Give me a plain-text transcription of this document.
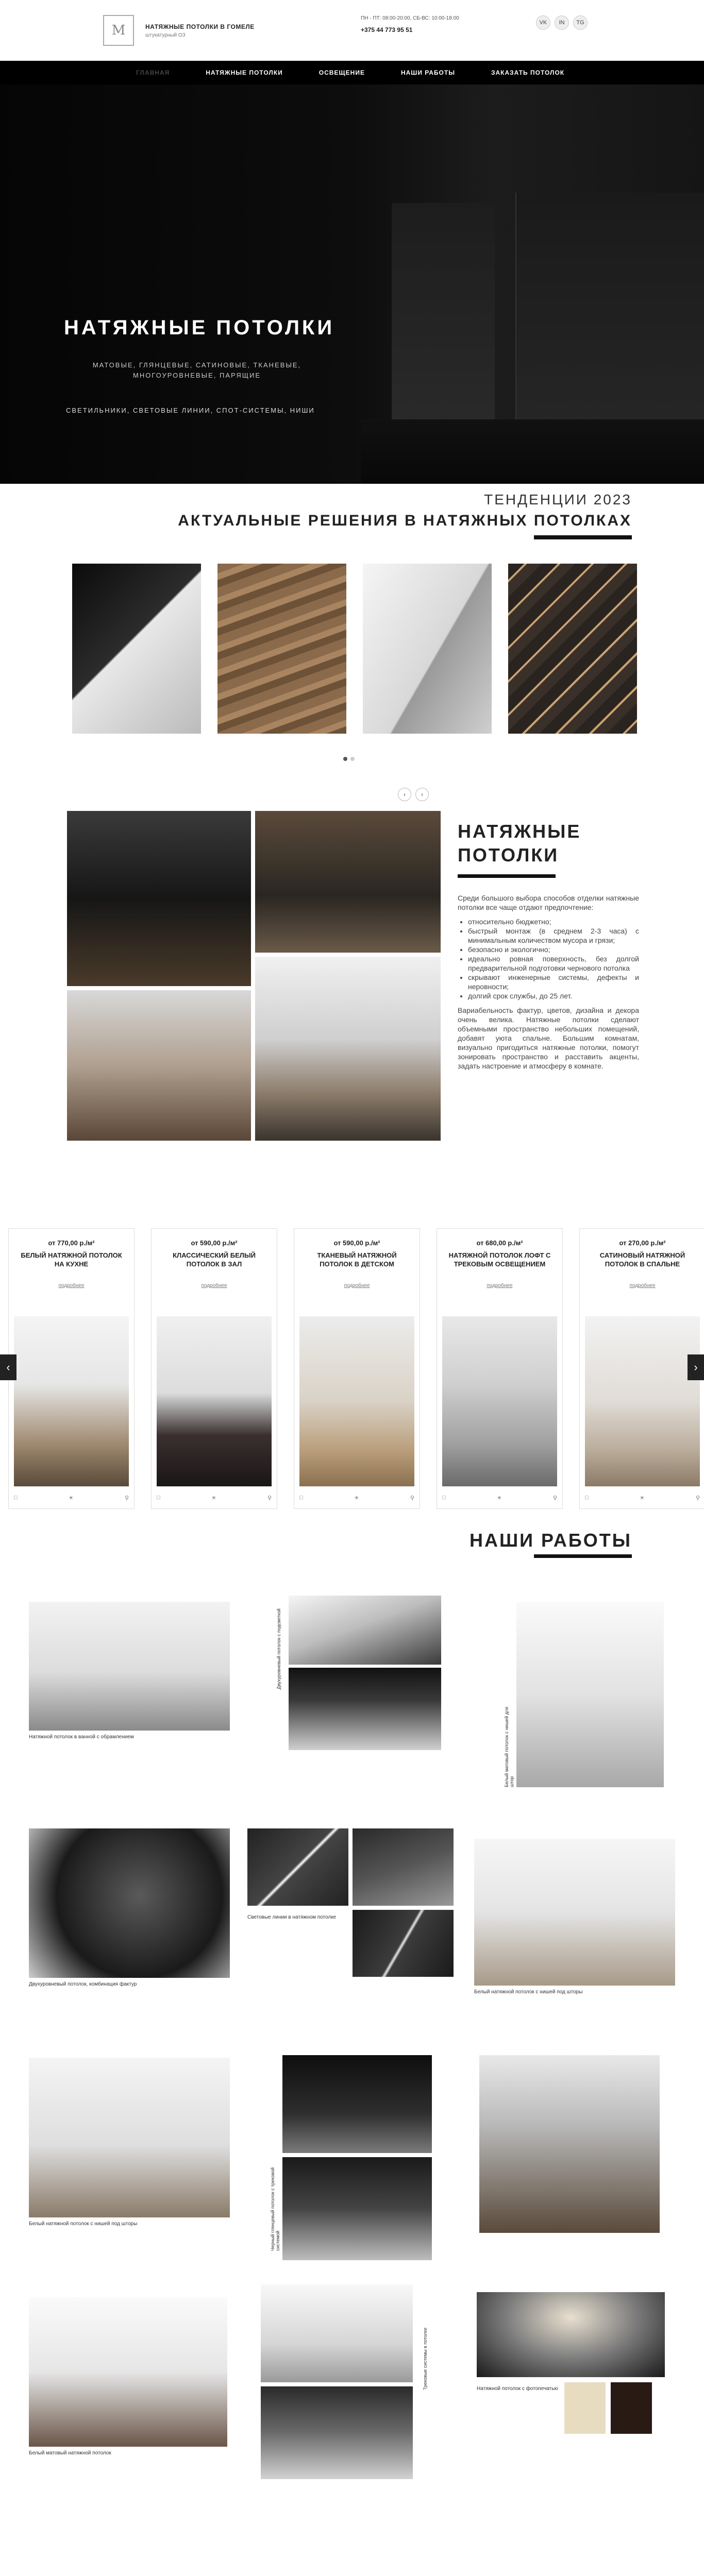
M	НАТЯЖНЫЕ ПОТОЛКИ В ГОМЕЛЕ
штукатурный ОЗ
ПН - ПТ: 08:00-20:00, СБ-ВС: 10:00-18:00
+375 44 773 95 51
VK	IN	TG
ГЛАВНАЯ	НАТЯЖНЫЕ ПОТОЛКИ	ОСВЕЩЕНИЕ	НАШИ РАБОТЫ	ЗАКАЗАТЬ ПОТОЛОК
НАТЯЖНЫЕ ПОТОЛКИ
МАТОВЫЕ, ГЛЯНЦЕВЫЕ, САТИНОВЫЕ, ТКАНЕВЫЕ, МНОГОУРОВНЕВЫЕ, ПАРЯЩИЕ
СВЕТИЛЬНИКИ, СВЕТОВЫЕ ЛИНИИ, СПОТ-СИСТЕМЫ, НИШИ
ТЕНДЕНЦИИ 2023
АКТУАЛЬНЫЕ РЕШЕНИЯ В НАТЯЖНЫХ ПОТОЛКАХ
‹	›
НАТЯЖНЫЕ
ПОТОЛКИ
Среди большого выбора способов отделки натяжные потолки все чаще отдают предпочтение:
• относительно бюджетно;
• быстрый монтаж (в среднем 2-3 часа) с минимальным количеством мусора и грязи;
• безопасно и экологично;
• идеально ровная поверхность, без долгой предварительной подготовки чернового потолка
• скрывают инженерные системы, дефекты и неровности;
• долгий срок службы, до 25 лет.

Вариабельность фактур, цветов, дизайна и декора очень велика. Натяжные потолки сделают объемными пространство небольших помещений, добавят уюта спальне. Большим комнатам, визуально пригодиться натяжные потолки, помогут зонировать пространство и расставить акценты, задать настроение и атмосферу в комнате.

от 770,00 р./м²
БЕЛЫЙ НАТЯЖНОЙ ПОТОЛОК НА КУХНЕ
подробнее
□	☀	⚲
от 590,00 р./м²
КЛАССИЧЕСКИЙ БЕЛЫЙ ПОТОЛОК В ЗАЛ
подробнее
□	☀	⚲
от 590,00 р./м²
ТКАНЕВЫЙ НАТЯЖНОЙ ПОТОЛОК В ДЕТСКОМ
подробнее
□	☀	⚲
от 680,00 р./м²
НАТЯЖНОЙ ПОТОЛОК ЛОФТ С ТРЕКОВЫМ ОСВЕЩЕНИЕМ
подробнее
□	☀	⚲
от 270,00 р./м²
САТИНОВЫЙ НАТЯЖНОЙ ПОТОЛОК В СПАЛЬНЕ
подробнее
□	☀	⚲
‹	›
НАШИ РАБОТЫ
Натяжной потолок в ванной с обрамлением
Двухуровневый потолок с подсветкой
Белый матовый потолок с нишей для штор
Двухуровневый потолок, комбинация фактур
Световые линии в натяжном потолке
Белый натяжной потолок с нишей под шторы
Белый натяжной потолок с нишей под шторы	Черный глянцевый потолок с трековой системой
Белый матовый натяжной потолок
Трековые системы в потолке	Натяжной потолок с фотопечатью
